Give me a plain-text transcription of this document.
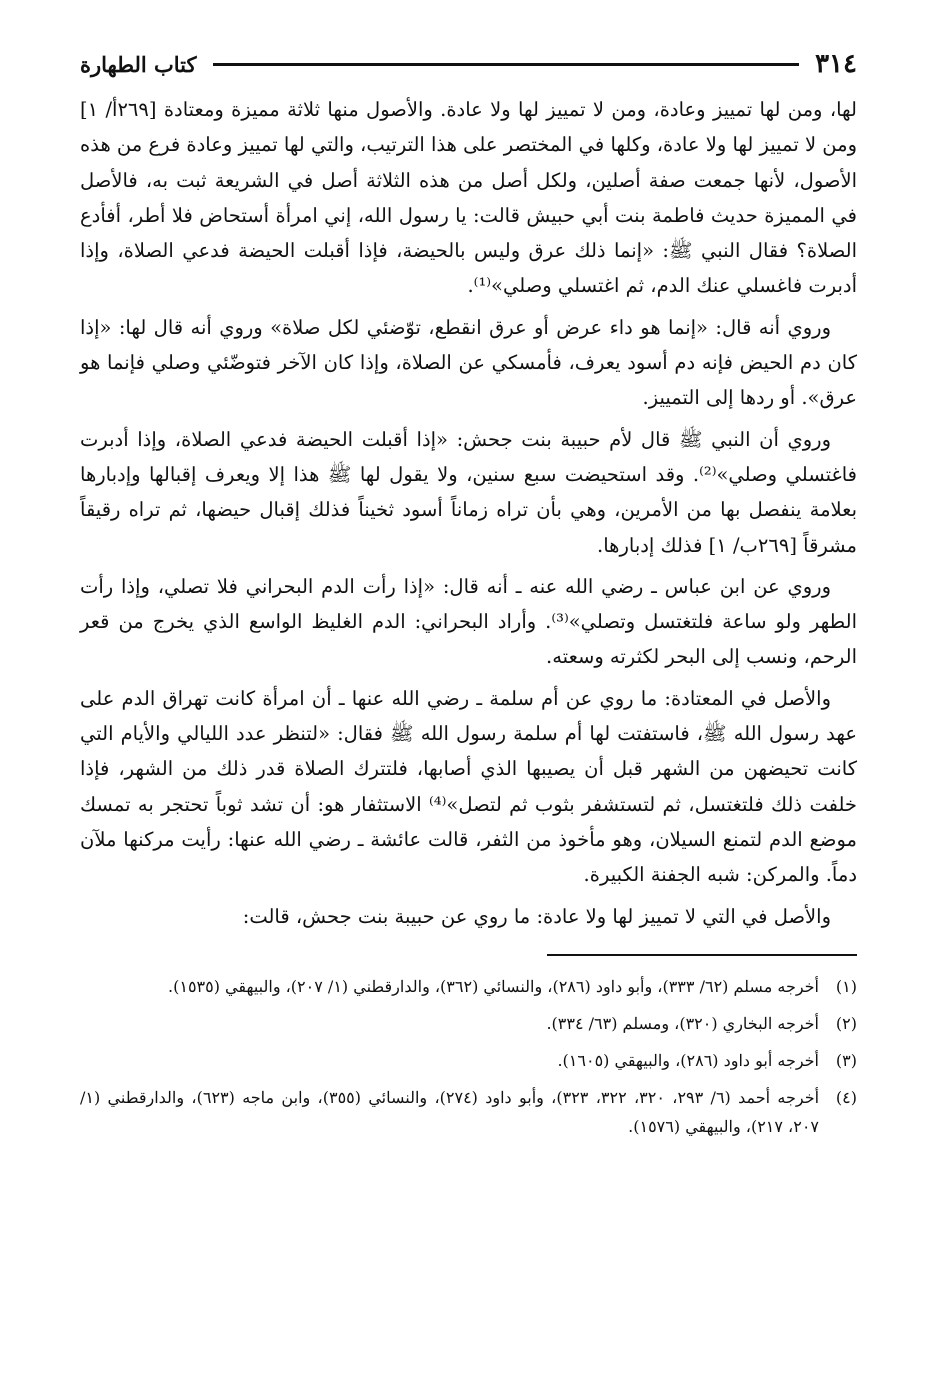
٣١٤
كتاب الطهارة

لها، ومن لها تمييز وعادة، ومن لا تمييز لها ولا عادة. والأصول منها ثلاثة مميزة ومعتادة [٢٦٩أ/ ١] ومن لا تمييز لها ولا عادة، وكلها في المختصر على هذا الترتيب، والتي لها تمييز وعادة فرع من هذه الأصول، لأنها جمعت صفة أصلين، ولكل أصل من هذه الثلاثة أصل في الشريعة ثبت به، فالأصل في المميزة حديث فاطمة بنت أبي حبيش قالت: يا رسول الله، إني امرأة أستحاض فلا أطر، أفأدع الصلاة؟ فقال النبي ﷺ: «إنما ذلك عرق وليس بالحيضة، فإذا أقبلت الحيضة فدعي الصلاة، وإذا أدبرت فاغسلي عنك الدم، ثم اغتسلي وصلي»⁽¹⁾.

وروي أنه قال: «إنما هو داء عرض أو عرق انقطع، توّضئي لكل صلاة» وروي أنه قال لها: «إذا كان دم الحيض فإنه دم أسود يعرف، فأمسكي عن الصلاة، وإذا كان الآخر فتوضّئي وصلي فإنما هو عرق». أو ردها إلى التمييز.

وروي أن النبي ﷺ قال لأم حبيبة بنت جحش: «إذا أقبلت الحيضة فدعي الصلاة، وإذا أدبرت فاغتسلي وصلي»⁽²⁾. وقد استحيضت سبع سنين، ولا يقول لها ﷺ هذا إلا ويعرف إقبالها وإدبارها بعلامة ينفصل بها من الأمرين، وهي بأن تراه زماناً أسود ثخيناً فذلك إقبال حيضها، ثم تراه رقيقاً مشرقاً [٢٦٩ب/ ١] فذلك إدبارها.

وروي عن ابن عباس ـ رضي الله عنه ـ أنه قال: «إذا رأت الدم البحراني فلا تصلي، وإذا رأت الطهر ولو ساعة فلتغتسل وتصلي»⁽³⁾. وأراد البحراني: الدم الغليظ الواسع الذي يخرج من قعر الرحم، ونسب إلى البحر لكثرته وسعته.

والأصل في المعتادة: ما روي عن أم سلمة ـ رضي الله عنها ـ أن امرأة كانت تهراق الدم على عهد رسول الله ﷺ، فاستفتت لها أم سلمة رسول الله ﷺ فقال: «لتنظر عدد الليالي والأيام التي كانت تحيضهن من الشهر قبل أن يصيبها الذي أصابها، فلتترك الصلاة قدر ذلك من الشهر، فإذا خلفت ذلك فلتغتسل، ثم لتستشفر بثوب ثم لتصل»⁽⁴⁾ الاستثفار هو: أن تشد ثوباً تحتجر به تمسك موضع الدم لتمنع السيلان، وهو مأخوذ من الثفر، قالت عائشة ـ رضي الله عنها: رأيت مركنها ملآن دماً. والمركن: شبه الجفنة الكبيرة.

والأصل في التي لا تمييز لها ولا عادة: ما روي عن حبيبة بنت جحش، قالت:

(١)
أخرجه مسلم (٦٢/ ٣٣٣)، وأبو داود (٢٨٦)، والنسائي (٣٦٢)، والدارقطني (١/ ٢٠٧)، والبيهقي (١٥٣٥).
(٢)
أخرجه البخاري (٣٢٠)، ومسلم (٦٣/ ٣٣٤).
(٣)
أخرجه أبو داود (٢٨٦)، والبيهقي (١٦٠٥).
(٤)
أخرجه أحمد (٦/ ٢٩٣، ٣٢٠، ٣٢٢، ٣٢٣)، وأبو داود (٢٧٤)، والنسائي (٣٥٥)، وابن ماجه (٦٢٣)، والدارقطني (١/ ٢٠٧، ٢١٧)، والبيهقي (١٥٧٦).
